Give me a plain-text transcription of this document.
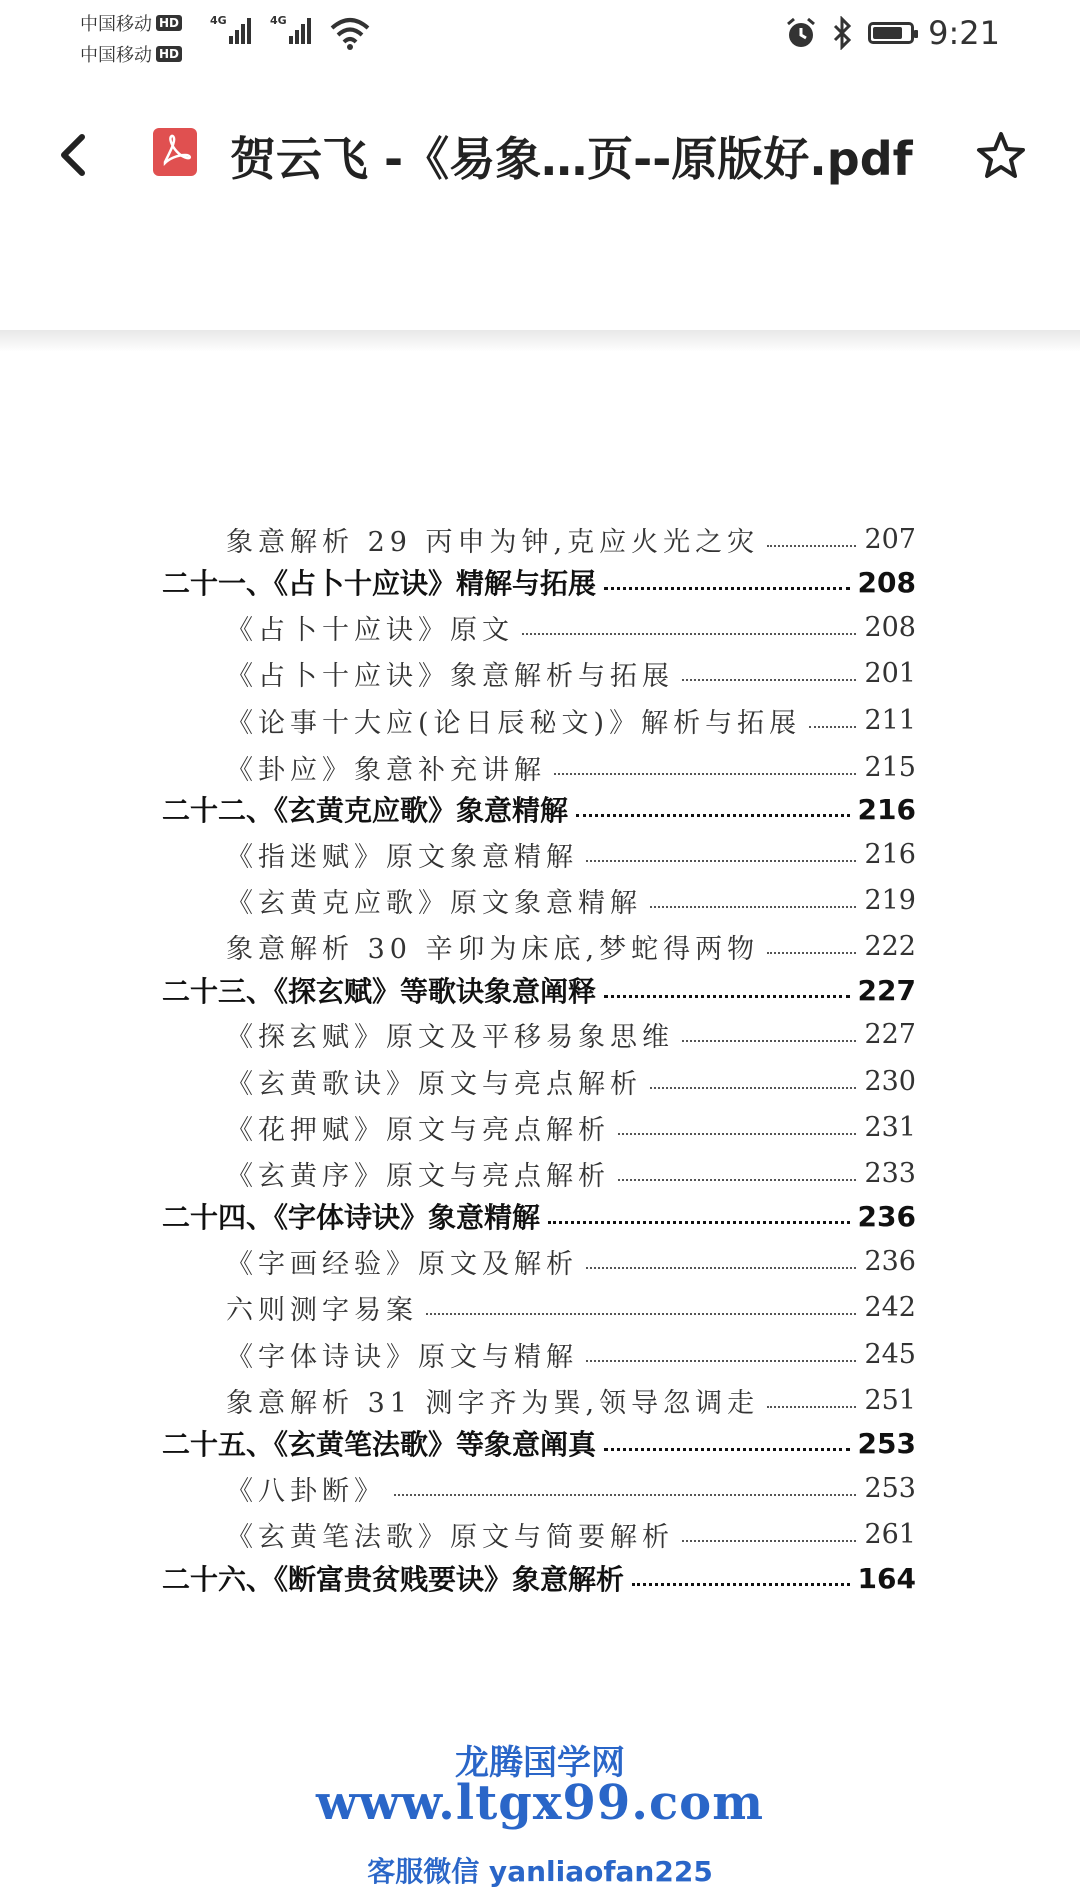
中国移动 HD
中国移动 HD
4G	4G	9:21
贺云飞 -《易象…页--原版好.pdf
象意解析 29 丙申为钟,克应火光之灾	207
二十一、《占卜十应诀》精解与拓展	208
《占卜十应诀》原文	208
《占卜十应诀》象意解析与拓展	201
《论事十大应(论日辰秘文)》解析与拓展 211
《卦应》象意补充讲解	215
二十二、《玄黄克应歌》象意精解	216
《指迷赋》原文象意精解	216
《玄黄克应歌》原文象意精解	219
象意解析 30 辛卯为床底,梦蛇得两物	222
二十三、《探玄赋》等歌诀象意阐释	227
《探玄赋》原文及平移易象思维	227
《玄黄歌诀》原文与亮点解析	230
《花押赋》原文与亮点解析	231
《玄黄序》原文与亮点解析	233
二十四、《字体诗诀》象意精解	236
《字画经验》原文及解析	236
六则测字易案	242
《字体诗诀》原文与精解	245
象意解析 31 测字齐为巽,领导忽调走	251
二十五、《玄黄笔法歌》等象意阐真	253
《八卦断》	253
《玄黄笔法歌》原文与简要解析	261
二十六、《断富贵贫贱要诀》象意解析	164
龙腾国学网
www.ltgx99.com
客服微信 yanliaofan225
